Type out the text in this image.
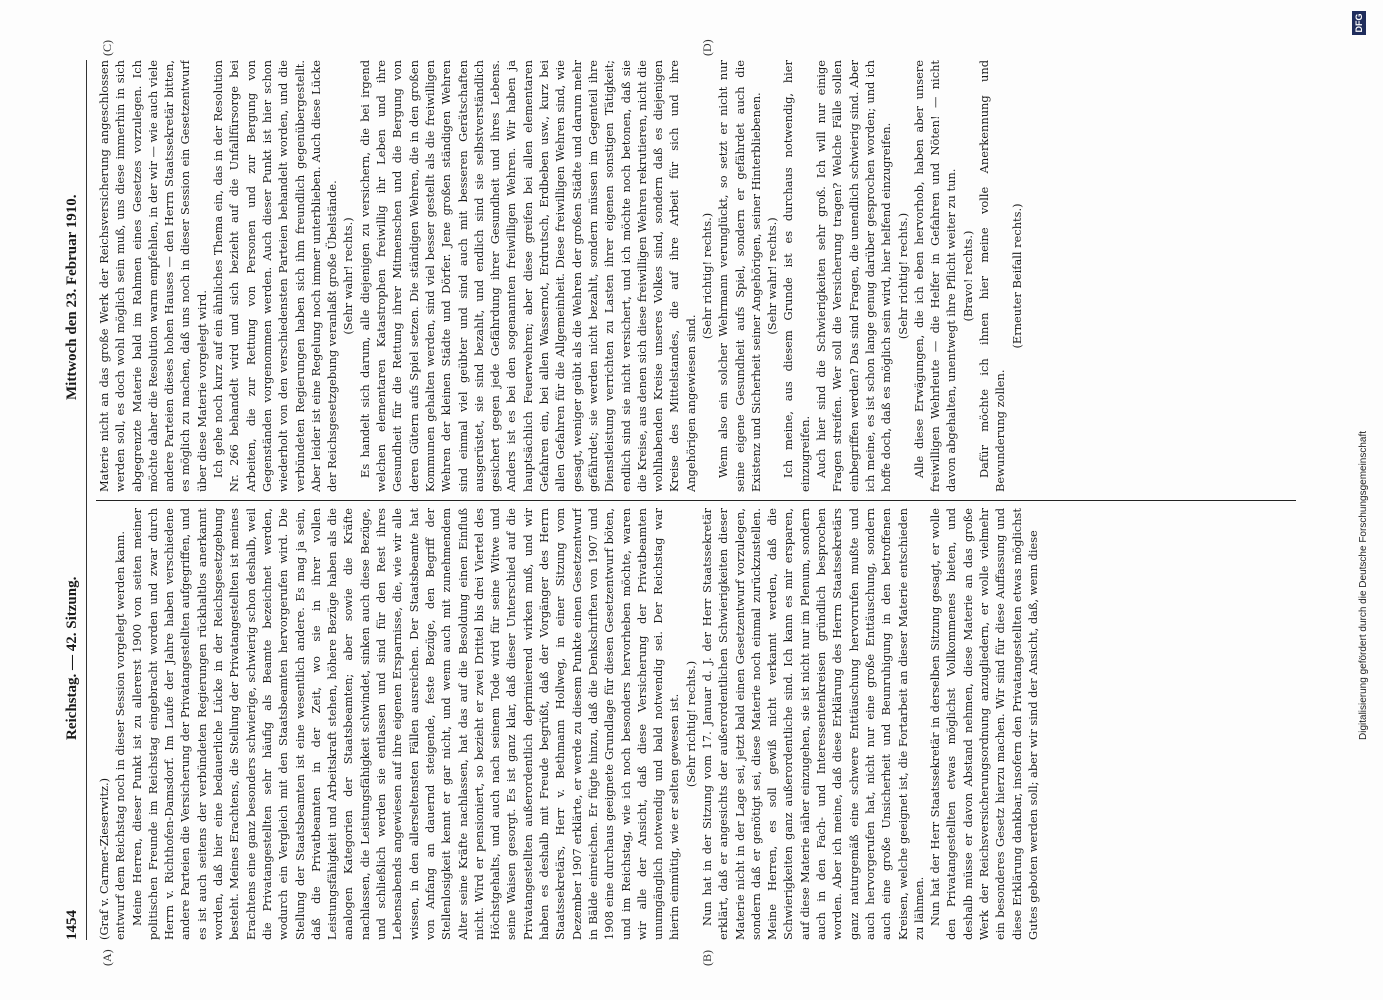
1454
Reichstag. — 42. Sitzung.
Mittwoch den 23. Februar 1910.
(A)	(B)
(C)	(D)

(Graf v. Carmer-Zieserwitz.) entwurf dem Reichstag noch in dieser Session vorgelegt werden kann. Meine Herren, dieser Punkt ist zu allererst 1900 von seiten meiner politischen Freunde im Reichstag eingebracht worden und zwar durch Herrn v. Richthofen-Damsdorf. Im Laufe der Jahre haben verschiedene andere Parteien die Versicherung der Privatangestellten aufgegriffen, und es ist auch seitens der verbündeten Regierungen rückhaltlos anerkannt worden, daß hier eine bedauerliche Lücke in der Reichsgesetzgebung besteht. Meines Erachtens, die Stellung der Privatangestellten ist meines Erachtens eine ganz besonders schwierige, schwierig schon deshalb, weil die Privatangestellten sehr häufig als Beamte bezeichnet werden, wodurch ein Vergleich mit den Staatsbeamten hervorgerufen wird. Die Stellung der Staatsbeamten ist eine wesentlich andere. Es mag ja sein, daß die Privatbeamten in der Zeit, wo sie in ihrer vollen Leistungsfähigkeit und Arbeitskraft stehen, höhere Bezüge haben als die analogen Kategorien der Staatsbeamten; aber sowie die Kräfte nachlassen, die Leistungsfähigkeit schwindet, sinken auch diese Bezüge, und schließlich werden sie entlassen und sind für den Rest ihres Lebensabends angewiesen auf ihre eigenen Ersparnisse, die, wie wir alle wissen, in den allerseltensten Fällen ausreichen. Der Staatsbeamte hat von Anfang an dauernd steigende, feste Bezüge, den Begriff der Stellenlosigkeit kennt er gar nicht, und wenn auch mit zunehmendem Alter seine Kräfte nachlassen, hat das auf die Besoldung einen Einfluß nicht. Wird er pensioniert, so bezieht er zwei Drittel bis drei Viertel des Höchstgehalts, und auch nach seinem Tode wird für seine Witwe und seine Waisen gesorgt. Es ist ganz klar, daß dieser Unterschied auf die Privatangestellten außerordentlich deprimierend wirken muß, und wir haben es deshalb mit Freude begrüßt, daß der Vorgänger des Herrn Staatssekretärs, Herr v. Bethmann Hollweg, in einer Sitzung vom Dezember 1907 erklärte, er werde zu diesem Punkte einen Gesetzentwurf in Bälde einreichen. Er fügte hinzu, daß die Denkschriften von 1907 und 1908 eine durchaus geeignete Grundlage für diesen Gesetzentwurf böten, und im Reichstag, wie ich noch besonders hervorheben möchte, waren wir alle der Ansicht, daß diese Versicherung der Privatbeamten unumgänglich notwendig und bald notwendig sei. Der Reichstag war hierin einmütig, wie er selten gewesen ist. (Sehr richtig! rechts.) Nun hat in der Sitzung vom 17. Januar d. J. der Herr Staatssekretär erklärt, daß er angesichts der außerordentlichen Schwierigkeiten dieser Materie nicht in der Lage sei, jetzt bald einen Gesetzentwurf vorzulegen, sondern daß er genötigt sei, diese Materie noch einmal zurückzustellen. Meine Herren, es soll gewiß nicht verkannt werden, daß die Schwierigkeiten ganz außerordentliche sind. Ich kann es mir ersparen, auf diese Materie näher einzugehen, sie ist nicht nur im Plenum, sondern auch in den Fach- und Interessentenkreisen gründlich besprochen worden. Aber ich meine, daß diese Erklärung des Herrn Staatssekretärs ganz naturgemäß eine schwere Enttäuschung hervorrufen mußte und auch hervorgerufen hat, nicht nur eine große Enttäuschung, sondern auch eine große Unsicherheit und Beunruhigung in den betroffenen Kreisen, welche geeignet ist, die Fortarbeit an dieser Materie entschieden zu lähmen. Nun hat der Herr Staatssekretär in derselben Sitzung gesagt, er wolle den Privatangestellten etwas möglichst Vollkommenes bieten, und deshalb müsse er davon Abstand nehmen, diese Materie an das große Werk der Reichsversicherungsordnung anzugliedern, er wolle vielmehr ein besonderes Gesetz hierzu machen. Wir sind für diese Auffassung und diese Erklärung dankbar, insofern den Privatangestellten etwas möglichst Gutes geboten werden soll; aber wir sind der Ansicht, daß, wenn diese

Materie nicht an das große Werk der Reichsversicherung angeschlossen werden soll, es doch wohl möglich sein muß, uns diese immerhin in sich abgegrenzte Materie bald im Rahmen eines Gesetzes vorzulegen. Ich möchte daher die Resolution warm empfehlen, in der wir — wie auch viele andere Parteien dieses hohen Hauses — den Herrn Staatssekretär bitten, es möglich zu machen, daß uns noch in dieser Session ein Gesetzentwurf über diese Materie vorgelegt wird. Ich gehe noch kurz auf ein ähnliches Thema ein, das in der Resolution Nr. 266 behandelt wird und sich bezieht auf die Unfallfürsorge bei Arbeiten, die zur Rettung von Personen und zur Bergung von Gegenständen vorgenommen werden. Auch dieser Punkt ist hier schon wiederholt von den verschiedensten Parteien behandelt worden, und die verbündeten Regierungen haben sich ihm freundlich gegenübergestellt. Aber leider ist eine Regelung noch immer unterblieben. Auch diese Lücke der Reichsgesetzgebung veranlaßt große Übelstände. (Sehr wahr! rechts.) Es handelt sich darum, alle diejenigen zu versichern, die bei irgend welchen elementaren Katastrophen freiwillig ihr Leben und ihre Gesundheit für die Rettung ihrer Mitmenschen und die Bergung von deren Gütern aufs Spiel setzen. Die ständigen Wehren, die in den großen Kommunen gehalten werden, sind viel besser gestellt als die freiwilligen Wehren der kleinen Städte und Dörfer. Jene großen ständigen Wehren sind einmal viel geübter und sind auch mit besseren Gerätschaften ausgerüstet, sie sind bezahlt, und endlich sind sie selbstverständlich gesichert gegen jede Gefährdung ihrer Gesundheit und ihres Lebens. Anders ist es bei den sogenannten freiwilligen Wehren. Wir haben ja hauptsächlich Feuerwehren; aber diese greifen bei allen elementaren Gefahren ein, bei allen Wassernot, Erdrutsch, Erdbeben usw., kurz bei allen Gefahren für die Allgemeinheit. Diese freiwilligen Wehren sind, wie gesagt, weniger geübt als die Wehren der großen Städte und darum mehr gefährdet; sie werden nicht bezahlt, sondern müssen im Gegenteil ihre Dienstleistung verrichten zu Lasten ihrer eigenen sonstigen Tätigkeit; endlich sind sie nicht versichert, und ich möchte noch betonen, daß sie die Kreise, aus denen sich diese freiwilligen Wehren rekrutieren, nicht die wohlhabenden Kreise unseres Volkes sind, sondern daß es diejenigen Kreise des Mittelstandes, die auf ihre Arbeit für sich und ihre Angehörigen angewiesen sind.

(Sehr richtig! rechts.) Wenn also ein solcher Wehrmann verunglückt, so setzt er nicht nur seine eigene Gesundheit aufs Spiel, sondern er gefährdet auch die Existenz und Sicherheit seiner Angehörigen, seiner Hinterbliebenen. (Sehr wahr! rechts.) Ich meine, aus diesem Grunde ist es durchaus notwendig, hier einzugreifen. Auch hier sind die Schwierigkeiten sehr groß. Ich will nur einige Fragen streifen. Wer soll die Versicherung tragen? Welche Fälle sollen einbegriffen werden? Das sind Fragen, die unendlich schwierig sind. Aber ich meine, es ist schon lange genug darüber gesprochen worden; und ich hoffe doch, daß es möglich sein wird, hier helfend einzugreifen. (Sehr richtig! rechts.) Alle diese Erwägungen, die ich eben hervorhob, haben aber unsere freiwilligen Wehrleute — die Helfer in Gefahren und Nöten! — nicht davon abgehalten, unentwegt ihre Pflicht weiter zu tun. (Bravo! rechts.) Dafür möchte ich ihnen hier meine volle Anerkennung und Bewunderung zollen.

(Erneuter Beifall rechts.)

Digitalisierung gefördert durch die Deutsche Forschungsgemeinschaft
DFG
